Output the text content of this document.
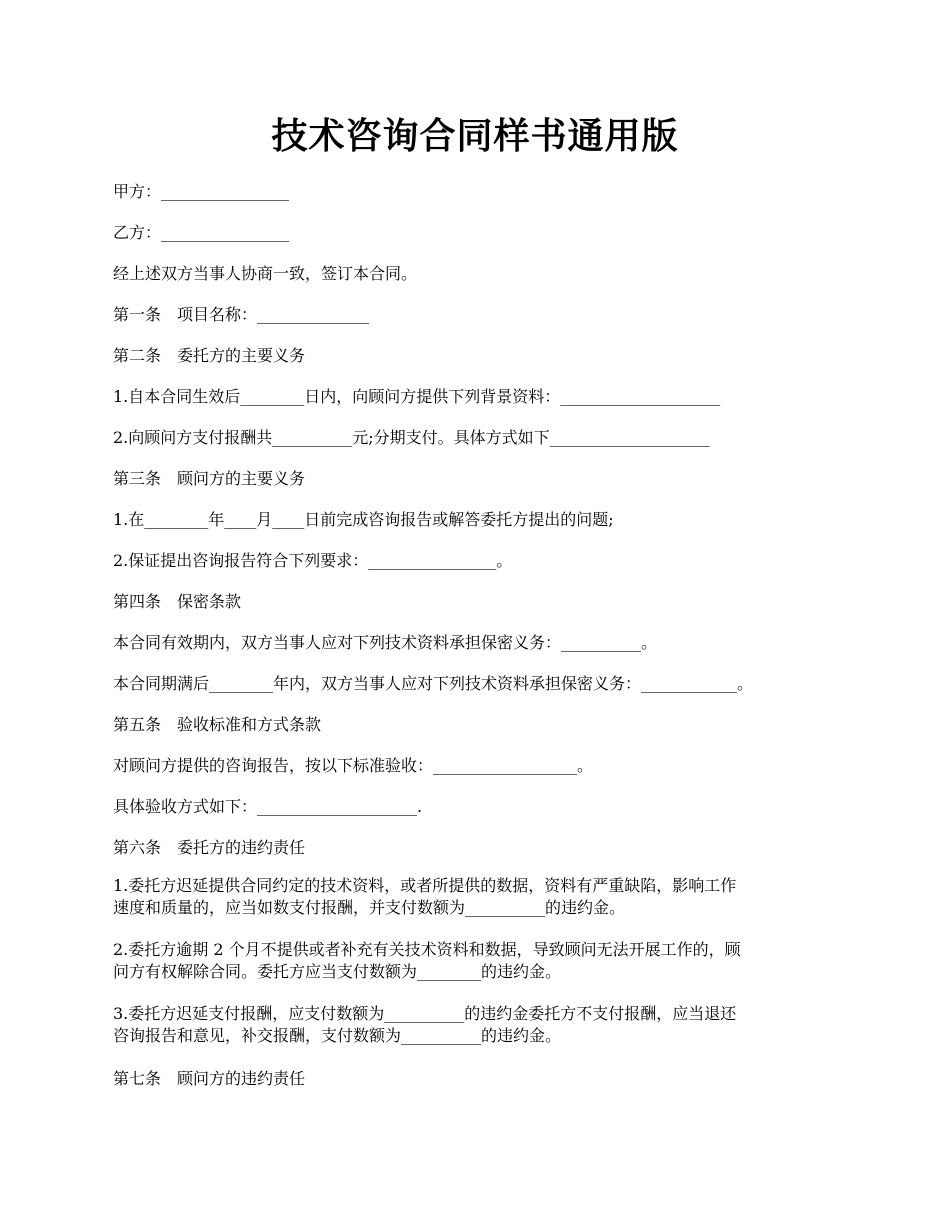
技术咨询合同样书通用版
甲方：________________
乙方：________________
经上述双方当事人协商一致，签订本合同。
第一条　项目名称：______________
第二条　委托方的主要义务
1.自本合同生效后________日内，向顾问方提供下列背景资料：____________________
2.向顾问方支付报酬共__________元;分期支付。具体方式如下____________________
第三条　顾问方的主要义务
1.在________年____月____日前完成咨询报告或解答委托方提出的问题;
2.保证提出咨询报告符合下列要求：________________。
第四条　保密条款
本合同有效期内，双方当事人应对下列技术资料承担保密义务：__________。
本合同期满后________年内，双方当事人应对下列技术资料承担保密义务：____________。
第五条　验收标准和方式条款
对顾问方提供的咨询报告，按以下标准验收：__________________。
具体验收方式如下：____________________.
第六条　委托方的违约责任
1.委托方迟延提供合同约定的技术资料，或者所提供的数据，资料有严重缺陷，影响工作
速度和质量的，应当如数支付报酬，并支付数额为__________的违约金。
2.委托方逾期 2 个月不提供或者补充有关技术资料和数据，导致顾问无法开展工作的，顾
问方有权解除合同。委托方应当支付数额为________的违约金。
3.委托方迟延支付报酬，应支付数额为__________的违约金委托方不支付报酬，应当退还
咨询报告和意见，补交报酬，支付数额为__________的违约金。
第七条　顾问方的违约责任
